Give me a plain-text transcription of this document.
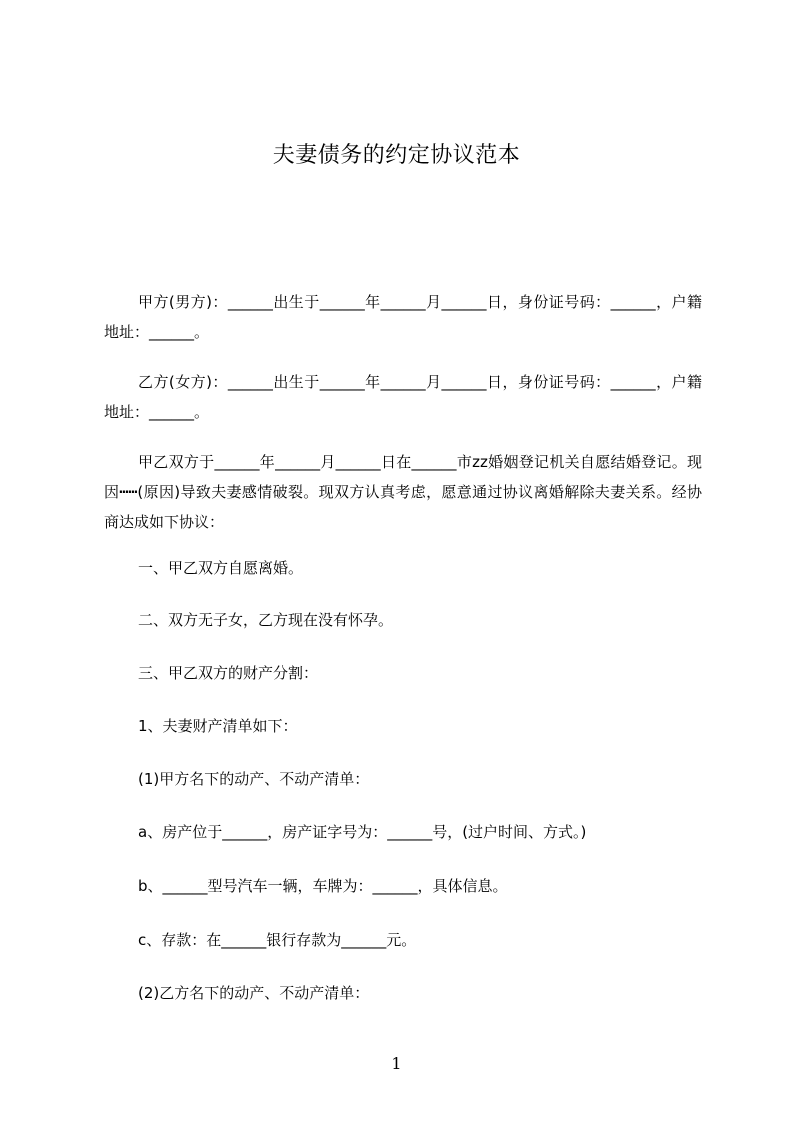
夫妻债务的约定协议范本
甲方(男方)：______出生于______年______月______日，身份证号码：______，户籍地址：______。
乙方(女方)：______出生于______年______月______日，身份证号码：______，户籍地址：______。
甲乙双方于______年______月______日在______市zz婚姻登记机关自愿结婚登记。现因┅┅(原因)导致夫妻感情破裂。现双方认真考虑，愿意通过协议离婚解除夫妻关系。经协商达成如下协议：
一、甲乙双方自愿离婚。
二、双方无子女，乙方现在没有怀孕。
三、甲乙双方的财产分割：
1、夫妻财产清单如下：
(1)甲方名下的动产、不动产清单：
a、房产位于______，房产证字号为：______号，(过户时间、方式。)
b、______型号汽车一辆，车牌为：______，具体信息。
c、存款：在______银行存款为______元。
(2)乙方名下的动产、不动产清单：
1
